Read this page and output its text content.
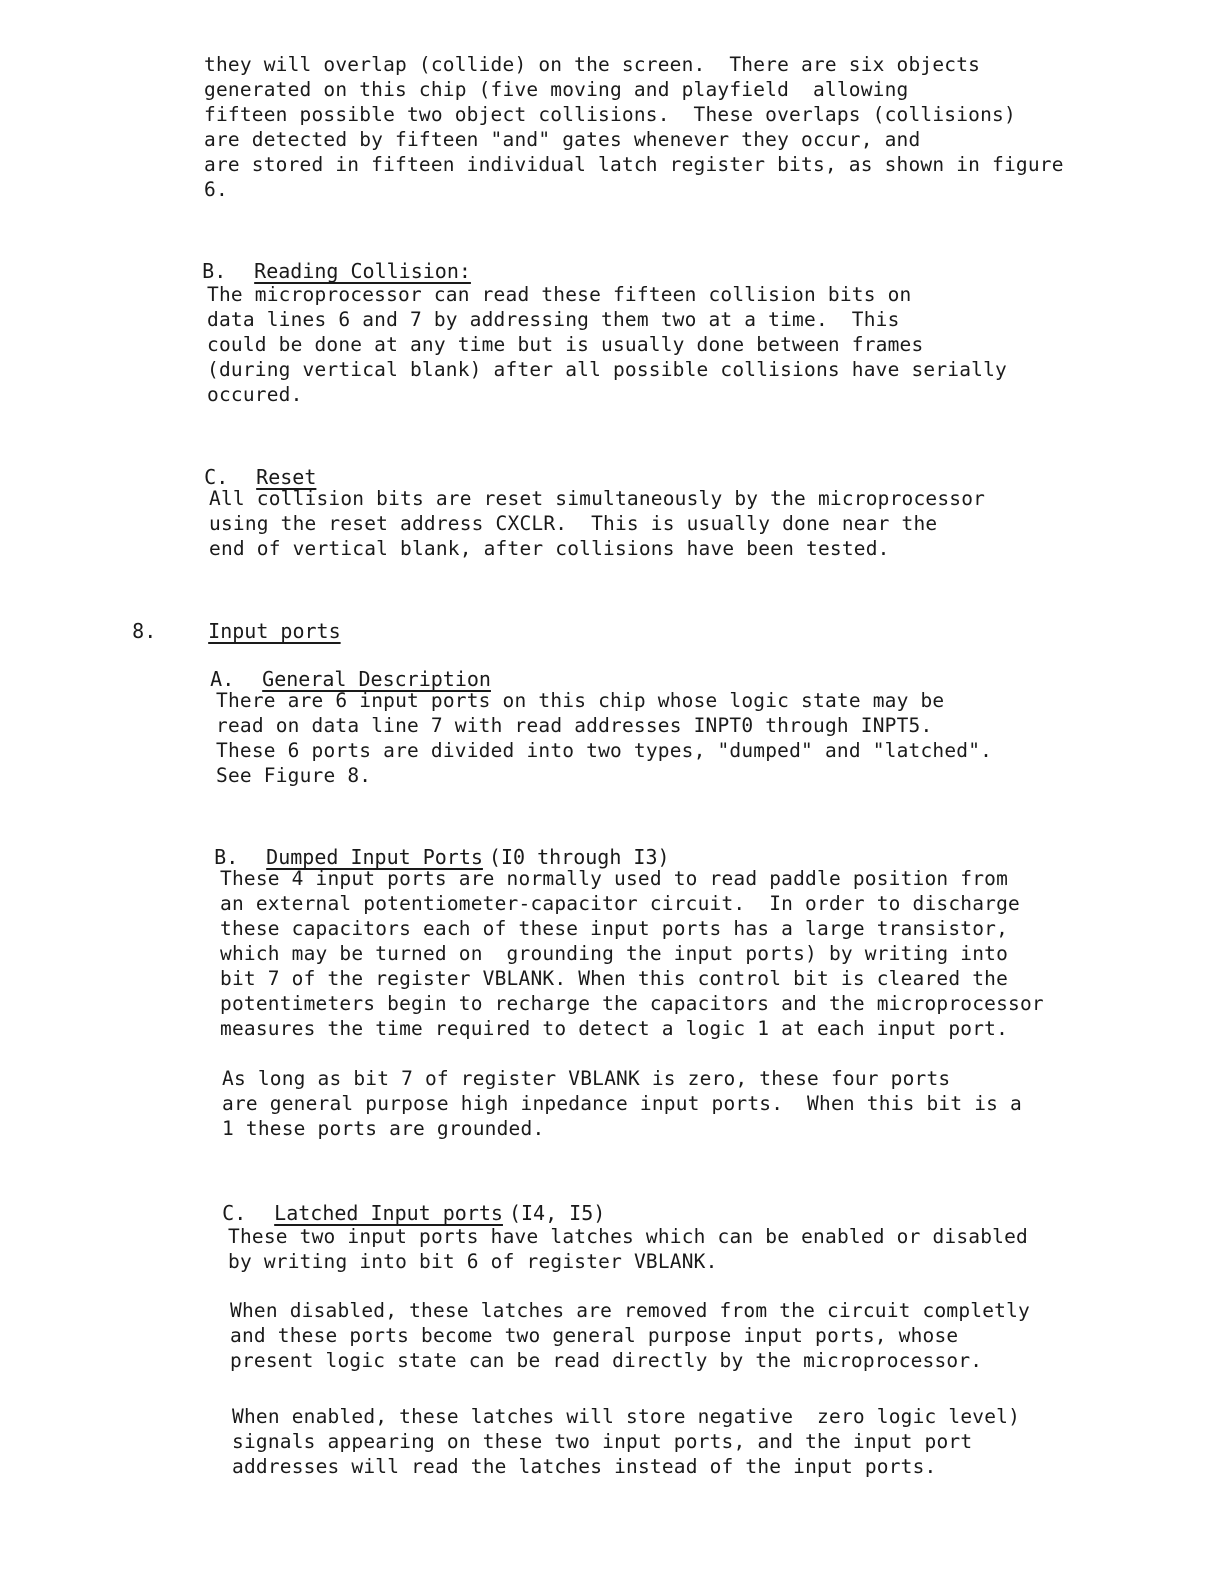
they will overlap (collide) on the screen.  There are six objects

generated on this chip (five moving and playfield  allowing

fifteen possible two object collisions.  These overlaps (collisions)

are detected by fifteen "and" gates whenever they occur, and

are stored in fifteen individual latch register bits, as shown in figure

6.

B. Reading Collision:

The microprocessor can read these fifteen collision bits on

data lines 6 and 7 by addressing them two at a time.  This

could be done at any time but is usually done between frames

(during vertical blank) after all possible collisions have serially

occured.

C. Reset

All collision bits are reset simultaneously by the microprocessor

using the reset address CXCLR.  This is usually done near the

end of vertical blank, after collisions have been tested.

8.	Input ports

A. General Description

There are 6 input ports on this chip whose logic state may be

read on data line 7 with read addresses INPT0 through INPT5.

These 6 ports are divided into two types, "dumped" and "latched".

See Figure 8.

B. Dumped Input Ports (I0 through I3)

These 4 input ports are normally used to read paddle position from

an external potentiometer-capacitor circuit.  In order to discharge

these capacitors each of these input ports has a large transistor,

which may be turned on  grounding the input ports) by writing into

bit 7 of the register VBLANK. When this control bit is cleared the

potentimeters begin to recharge the capacitors and the microprocessor

measures the time required to detect a logic 1 at each input port.

As long as bit 7 of register VBLANK is zero, these four ports

are general purpose high inpedance input ports.  When this bit is a

1 these ports are grounded.

C. Latched Input ports (I4, I5)

These two input ports have latches which can be enabled or disabled

by writing into bit 6 of register VBLANK.

When disabled, these latches are removed from the circuit completly

and these ports become two general purpose input ports, whose

present logic state can be read directly by the microprocessor.

When enabled, these latches will store negative  zero logic level)

signals appearing on these two input ports, and the input port

addresses will read the latches instead of the input ports.
